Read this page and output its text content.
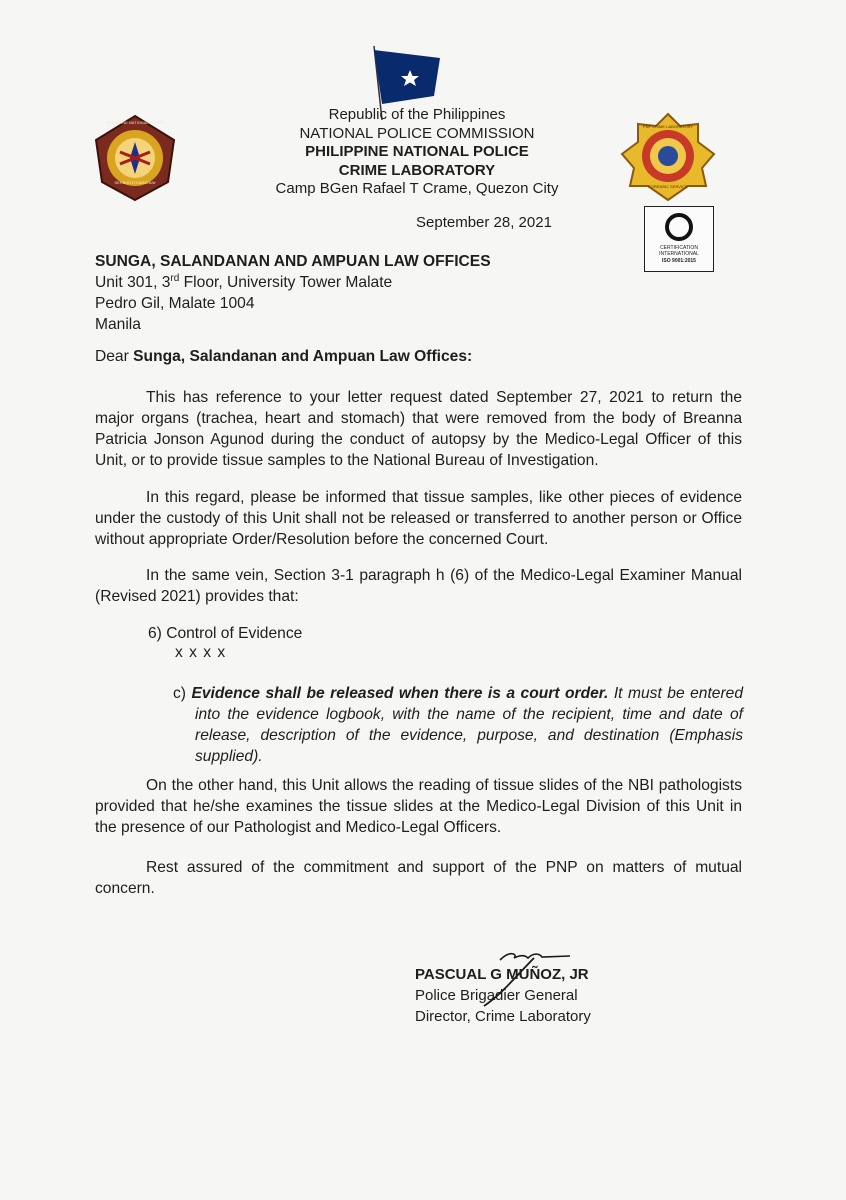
PHILIPPINE NATIONAL POLICE
SERBISYO KABAYANI
PNP CRIME LABORATORY
FORENSIC SERVICE
CERTIFICATION
INTERNATIONAL
ISO 9001:2015
Republic of the Philippines
NATIONAL POLICE COMMISSION
PHILIPPINE NATIONAL POLICE
CRIME LABORATORY
Camp BGen Rafael T Crame, Quezon City
September 28, 2021
SUNGA, SALANDANAN AND AMPUAN LAW OFFICES
Unit 301, 3rd Floor, University Tower Malate
Pedro Gil, Malate 1004
Manila
Dear Sunga, Salandanan and Ampuan Law Offices:
This has reference to your letter request dated September 27, 2021 to return the major organs (trachea, heart and stomach) that were removed from the body of Breanna Patricia Jonson Agunod during the conduct of autopsy by the Medico-Legal Officer of this Unit, or to provide tissue samples to the National Bureau of Investigation.
In this regard, please be informed that tissue samples, like other pieces of evidence under the custody of this Unit shall not be released or transferred to another person or Office without appropriate Order/Resolution before the concerned Court.
In the same vein, Section 3-1 paragraph h (6) of the Medico-Legal Examiner Manual (Revised 2021) provides that:
6) Control of Evidence
x x x x
c) Evidence shall be released when there is a court order. It must be entered into the evidence logbook, with the name of the recipient, time and date of release, description of the evidence, purpose, and destination (Emphasis supplied).
On the other hand, this Unit allows the reading of tissue slides of the NBI pathologists provided that he/she examines the tissue slides at the Medico-Legal Division of this Unit in the presence of our Pathologist and Medico-Legal Officers.
Rest assured of the commitment and support of the PNP on matters of mutual concern.
PASCUAL G MUÑOZ, JR
Police Brigadier General
Director, Crime Laboratory
